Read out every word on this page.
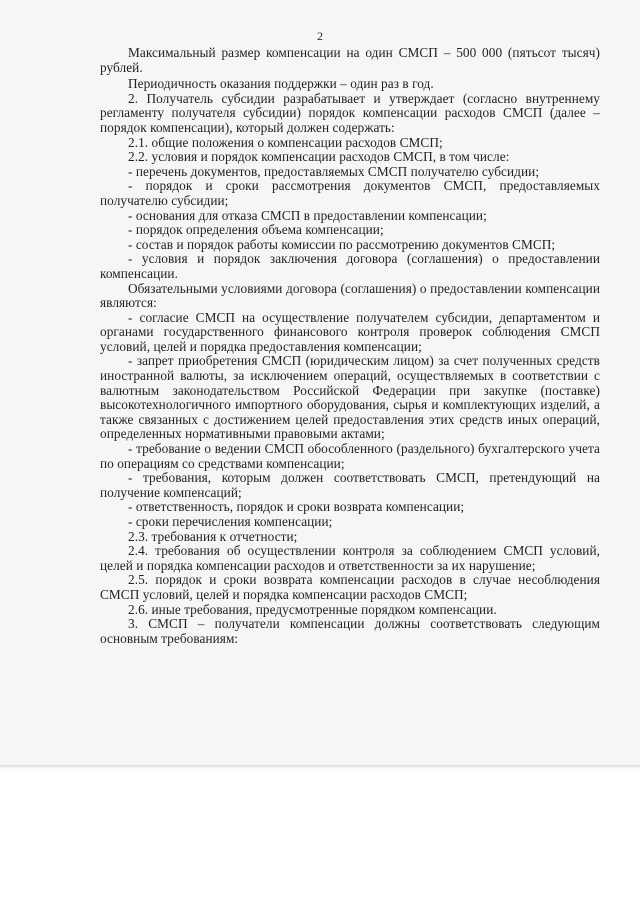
2

Максимальный размер компенсации на один СМСП – 500 000 (пятьсот тысяч) рублей.

Периодичность оказания поддержки – один раз в год.

2. Получатель субсидии разрабатывает и утверждает (согласно внутреннему регламенту получателя субсидии) порядок компенсации расходов СМСП (далее – порядок компенсации), который должен содержать:

2.1. общие положения о компенсации расходов СМСП;

2.2. условия и порядок компенсации расходов СМСП, в том числе:

- перечень документов, предоставляемых СМСП получателю субсидии;

- порядок и сроки рассмотрения документов СМСП, предоставляемых получателю субсидии;

- основания для отказа СМСП в предоставлении компенсации;

- порядок определения объема компенсации;

- состав и порядок работы комиссии по рассмотрению документов СМСП;

- условия и порядок заключения договора (соглашения) о предоставлении компенсации.

Обязательными условиями договора (соглашения) о предоставлении компенсации являются:

- согласие СМСП на осуществление получателем субсидии, департаментом и органами государственного финансового контроля проверок соблюдения СМСП условий, целей и порядка предоставления компенсации;

- запрет приобретения СМСП (юридическим лицом) за счет полученных средств иностранной валюты, за исключением операций, осуществляемых в соответствии с валютным законодательством Российской Федерации при закупке (поставке) высокотехнологичного импортного оборудования, сырья и комплектующих изделий, а также связанных с достижением целей предоставления этих средств иных операций, определенных нормативными правовыми актами;

- требование о ведении СМСП обособленного (раздельного) бухгалтерского учета по операциям со средствами компенсации;

- требования, которым должен соответствовать СМСП, претендующий на получение компенсаций;

- ответственность, порядок и сроки возврата компенсации;

- сроки перечисления компенсации;

2.3. требования к отчетности;

2.4. требования об осуществлении контроля за соблюдением СМСП условий, целей и порядка компенсации расходов и ответственности за их нарушение;

2.5. порядок и сроки возврата компенсации расходов в случае несоблюдения СМСП условий, целей и порядка компенсации расходов СМСП;

2.6. иные требования, предусмотренные порядком компенсации.

3. СМСП – получатели компенсации должны соответствовать следующим основным требованиям:
